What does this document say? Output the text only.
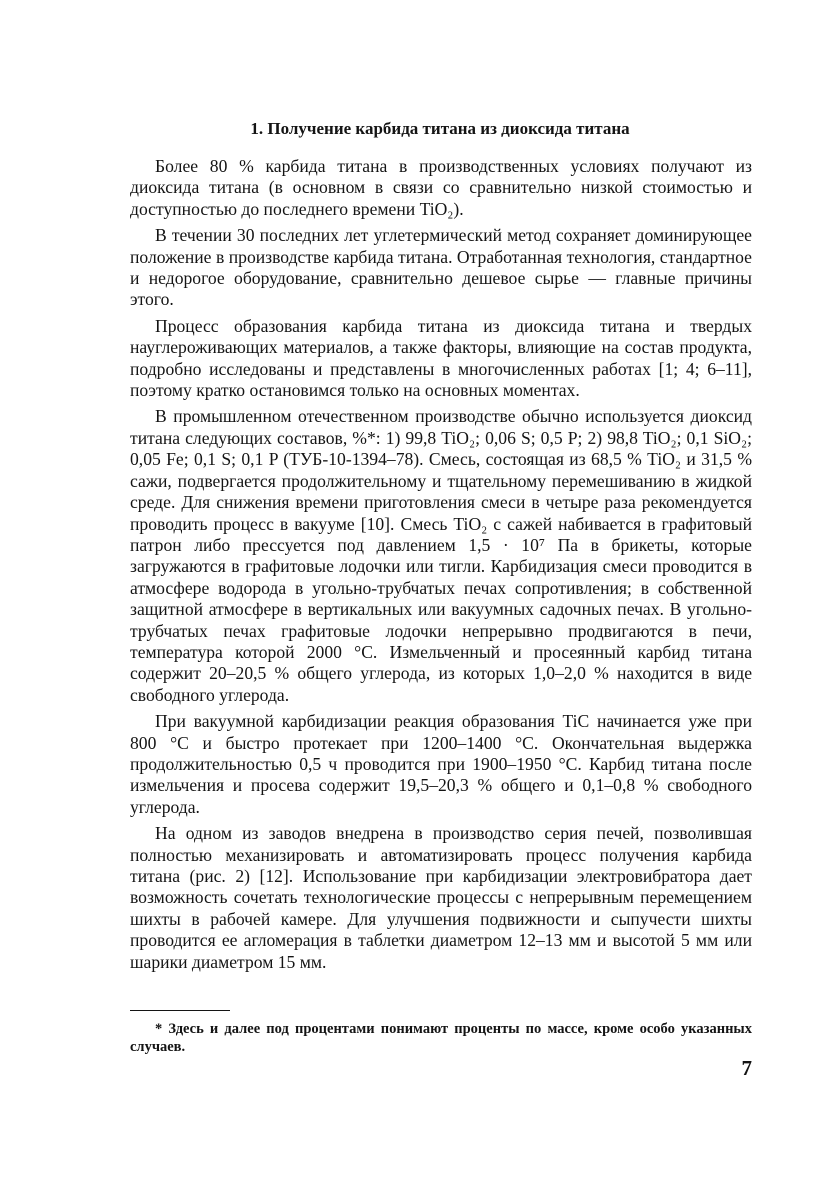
1. Получение карбида титана из диоксида титана

Более 80 % карбида титана в производственных условиях получают из диоксида титана (в основном в связи со сравнительно низкой стоимостью и доступностью до последнего времени TiO₂).

В течении 30 последних лет углетермический метод сохраняет доминирующее положение в производстве карбида титана. Отработанная технология, стандартное и недорогое оборудование, сравнительно дешевое сырье — главные причины этого.

Процесс образования карбида титана из диоксида титана и твердых науглероживающих материалов, а также факторы, влияющие на состав продукта, подробно исследованы и представлены в многочисленных работах [1; 4; 6–11], поэтому кратко остановимся только на основных моментах.

В промышленном отечественном производстве обычно используется диоксид титана следующих составов, %*: 1) 99,8 TiO₂; 0,06 S; 0,5 P; 2) 98,8 TiO₂; 0,1 SiO₂; 0,05 Fe; 0,1 S; 0,1 P (ТУБ-10-1394–78). Смесь, состоящая из 68,5 % TiO₂ и 31,5 % сажи, подвергается продолжительному и тщательному перемешиванию в жидкой среде. Для снижения времени приготовления смеси в четыре раза рекомендуется проводить процесс в вакууме [10]. Смесь TiO₂ с сажей набивается в графитовый патрон либо прессуется под давлением 1,5 · 10⁷ Па в брикеты, которые загружаются в графитовые лодочки или тигли. Карбидизация смеси проводится в атмосфере водорода в угольно-трубчатых печах сопротивления; в собственной защитной атмосфере в вертикальных или вакуумных садочных печах. В угольно-трубчатых печах графитовые лодочки непрерывно продвигаются в печи, температура которой 2000 °C. Измельченный и просеянный карбид титана содержит 20–20,5 % общего углерода, из которых 1,0–2,0 % находится в виде свободного углерода.

При вакуумной карбидизации реакция образования TiC начинается уже при 800 °C и быстро протекает при 1200–1400 °C. Окончательная выдержка продолжительностью 0,5 ч проводится при 1900–1950 °C. Карбид титана после измельчения и просева содержит 19,5–20,3 % общего и 0,1–0,8 % свободного углерода.

На одном из заводов внедрена в производство серия печей, позволившая полностью механизировать и автоматизировать процесс получения карбида титана (рис. 2) [12]. Использование при карбидизации электровибратора дает возможность сочетать технологические процессы с непрерывным перемещением шихты в рабочей камере. Для улучшения подвижности и сыпучести шихты проводится ее агломерация в таблетки диаметром 12–13 мм и высотой 5 мм или шарики диаметром 15 мм.

* Здесь и далее под процентами понимают проценты по массе, кроме особо указанных случаев.

7
